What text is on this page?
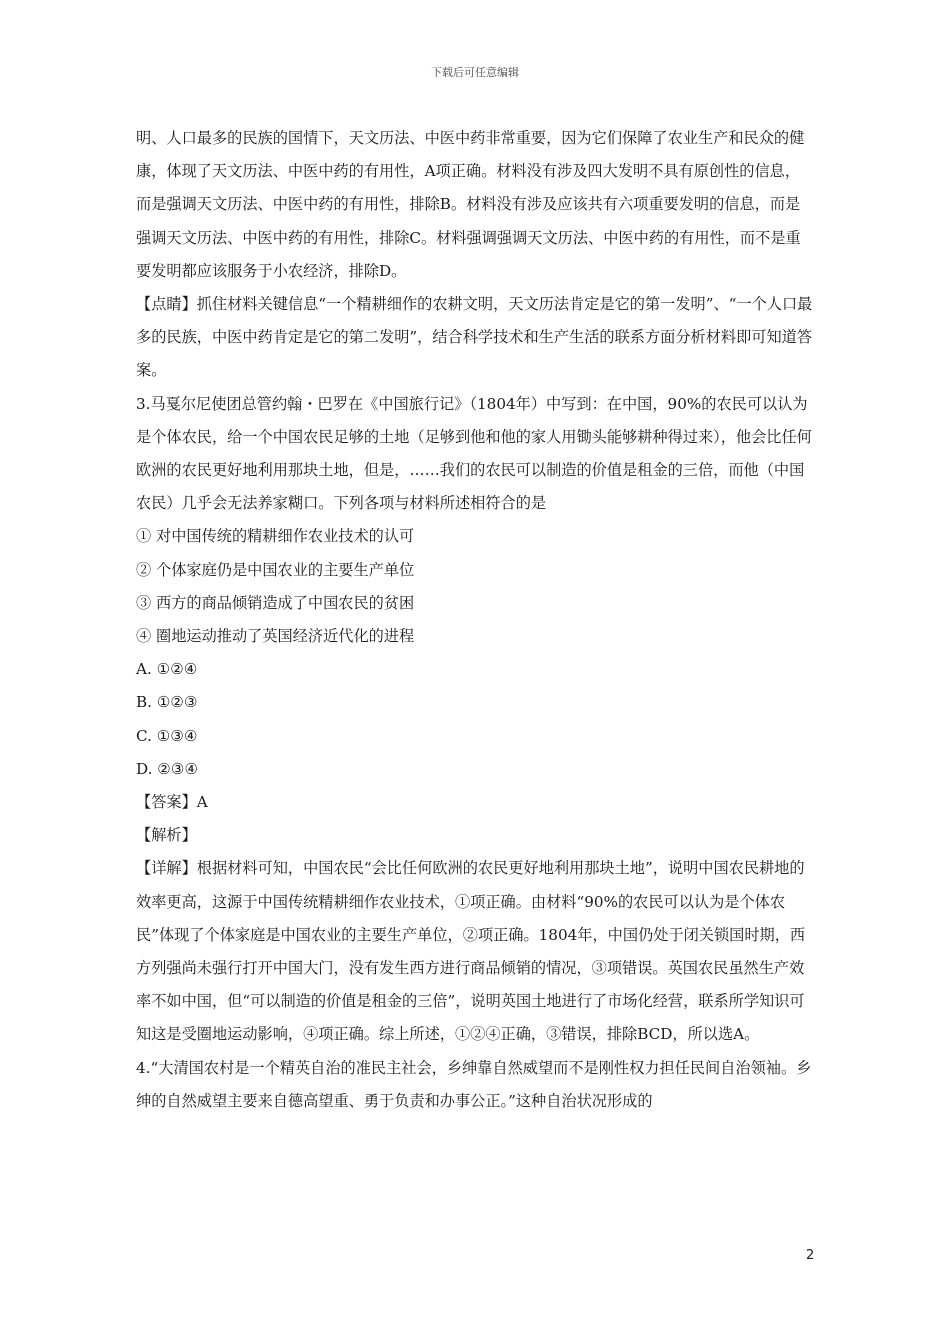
下载后可任意编辑

明、人口最多的民族的国情下，天文历法、中医中药非常重要，因为它们保障了农业生产和民众的健康，体现了天文历法、中医中药的有用性，A项正确。材料没有涉及四大发明不具有原创性的信息，而是强调天文历法、中医中药的有用性，排除B。材料没有涉及应该共有六项重要发明的信息，而是强调天文历法、中医中药的有用性，排除C。材料强调强调天文历法、中医中药的有用性，而不是重要发明都应该服务于小农经济，排除D。

【点睛】抓住材料关键信息“一个精耕细作的农耕文明，天文历法肯定是它的第一发明”、“一个人口最多的民族，中医中药肯定是它的第二发明”，结合科学技术和生产生活的联系方面分析材料即可知道答案。

3.马戛尔尼使团总管约翰・巴罗在《中国旅行记》（1804年）中写到：在中国，90%的农民可以认为是个体农民，给一个中国农民足够的土地（足够到他和他的家人用锄头能够耕种得过来），他会比任何欧洲的农民更好地利用那块土地，但是，……我们的农民可以制造的价值是租金的三倍，而他（中国农民）几乎会无法养家糊口。下列各项与材料所述相符合的是

① 对中国传统的精耕细作农业技术的认可

② 个体家庭仍是中国农业的主要生产单位

③ 西方的商品倾销造成了中国农民的贫困

④ 圈地运动推动了英国经济近代化的进程

A. ①②④

B. ①②③

C. ①③④

D. ②③④

【答案】A

【解析】

【详解】根据材料可知，中国农民“会比任何欧洲的农民更好地利用那块土地”，说明中国农民耕地的效率更高，这源于中国传统精耕细作农业技术，①项正确。由材料“90%的农民可以认为是个体农民”体现了个体家庭是中国农业的主要生产单位，②项正确。1804年，中国仍处于闭关锁国时期，西方列强尚未强行打开中国大门，没有发生西方进行商品倾销的情况，③项错误。英国农民虽然生产效率不如中国，但“可以制造的价值是租金的三倍”，说明英国土地进行了市场化经营，联系所学知识可知这是受圈地运动影响，④项正确。综上所述，①②④正确，③错误，排除BCD，所以选A。

4.“大清国农村是一个精英自治的准民主社会，乡绅靠自然威望而不是刚性权力担任民间自治领袖。乡绅的自然威望主要来自德高望重、勇于负责和办事公正。”这种自治状况形成的

2
